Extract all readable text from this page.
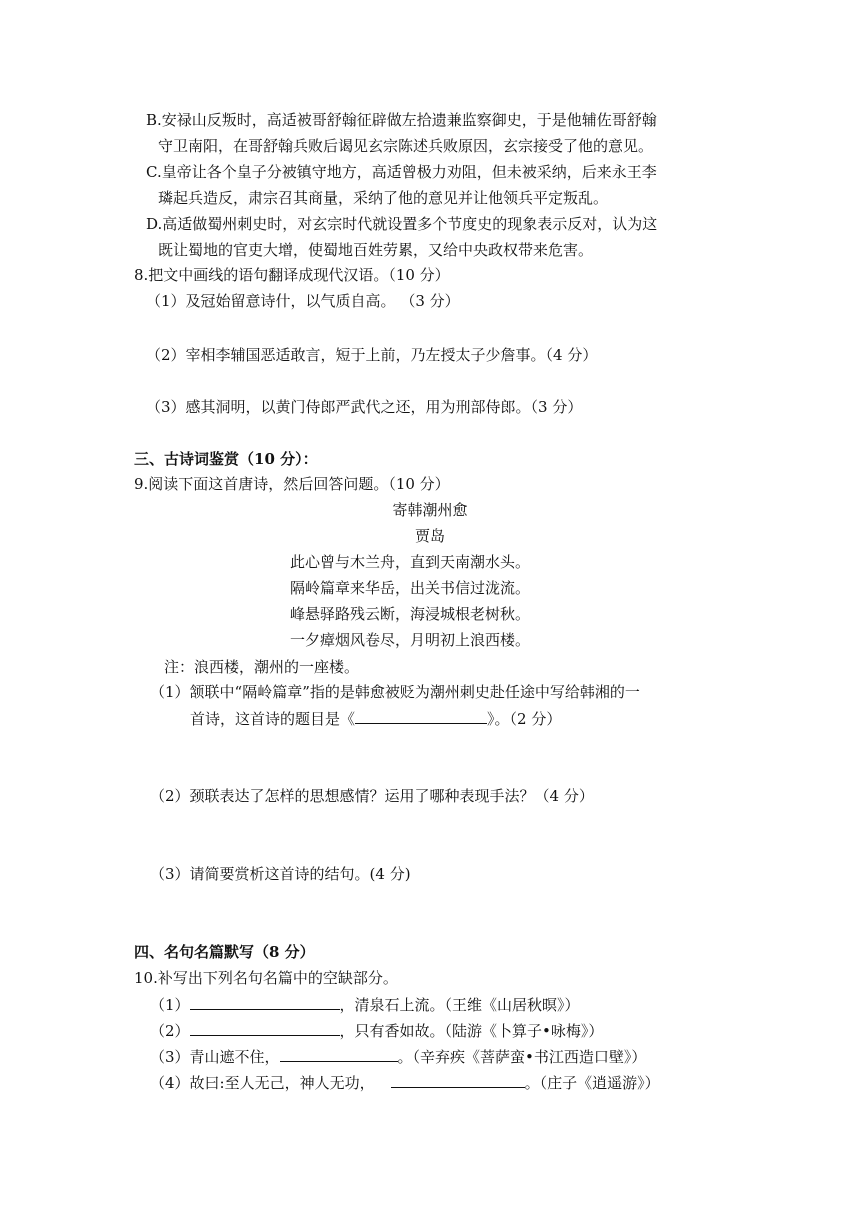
B.安禄山反叛时，高适被哥舒翰征辟做左拾遗兼监察御史，于是他辅佐哥舒翰
守卫南阳，在哥舒翰兵败后谒见玄宗陈述兵败原因，玄宗接受了他的意见。
C.皇帝让各个皇子分被镇守地方，高适曾极力劝阻，但未被采纳，后来永王李
璘起兵造反，肃宗召其商量，采纳了他的意见并让他领兵平定叛乱。
D.高适做蜀州刺史时，对玄宗时代就设置多个节度史的现象表示反对，认为这
既让蜀地的官吏大增，使蜀地百姓劳累，又给中央政权带来危害。
8.把文中画线的语句翻译成现代汉语。（10 分）
（1）及冠始留意诗什，以气质自高。 （3 分）
（2）宰相李辅国恶适敢言，短于上前，乃左授太子少詹事。（4 分）
（3）感其洞明，以黄门侍郎严武代之还，用为刑部侍郎。（3 分）
三、古诗词鉴赏（10 分）：
9.阅读下面这首唐诗，然后回答问题。（10 分）
寄韩潮州愈
贾岛
此心曾与木兰舟，直到天南潮水头。
隔岭篇章来华岳，出关书信过泷流。
峰悬驿路残云断，海浸城根老树秋。
一夕瘴烟风卷尽，月明初上浪西楼。
注：浪西楼，潮州的一座楼。
（1）颔联中“隔岭篇章”指的是韩愈被贬为潮州刺史赴任途中写给韩湘的一
首诗，这首诗的题目是《	》。（2 分）
（2）颈联表达了怎样的思想感情？运用了哪种表现手法？（4 分）
（3）请简要赏析这首诗的结句。(4 分)
四、名句名篇默写（8 分）
10.补写出下列名句名篇中的空缺部分。
（1）	，清泉石上流。（王维《山居秋暝》）
（2）	，只有香如故。（陆游《卜算子•咏梅》）
（3）青山遮不住，	。（辛弃疾《菩萨蛮•书江西造口壁》）
（4）故曰:至人无己，神人无功，	。（庄子《逍遥游》）
